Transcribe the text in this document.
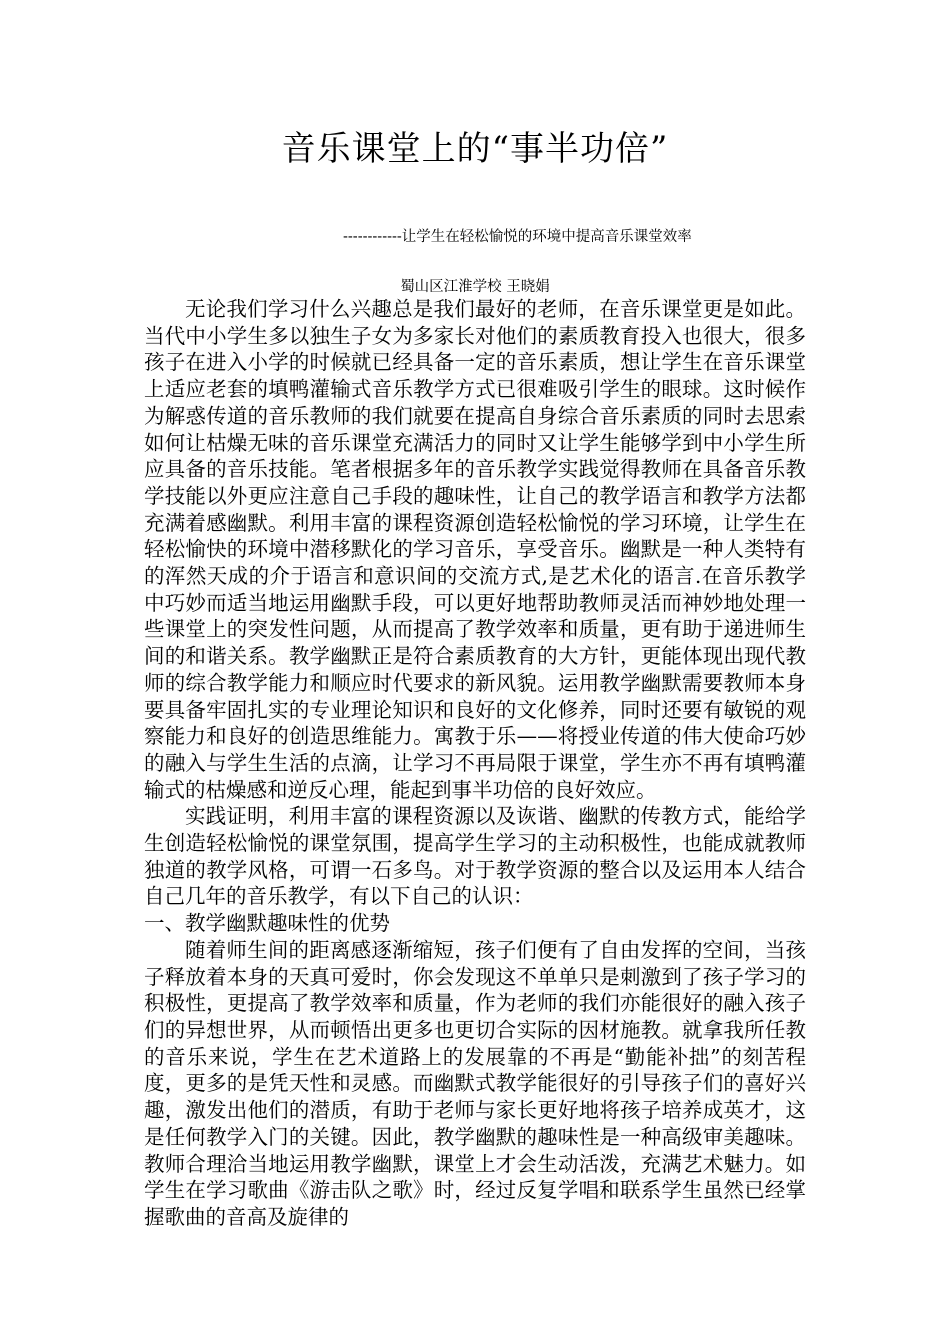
音乐课堂上的“事半功倍”
------------让学生在轻松愉悦的环境中提高音乐课堂效率
蜀山区江淮学校 王晓娟

无论我们学习什么兴趣总是我们最好的老师，在音乐课堂更是如此。当代中小学生多以独生子女为多家长对他们的素质教育投入也很大，很多孩子在进入小学的时候就已经具备一定的音乐素质，想让学生在音乐课堂上适应老套的填鸭灌输式音乐教学方式已很难吸引学生的眼球。这时候作为解惑传道的音乐教师的我们就要在提高自身综合音乐素质的同时去思索如何让枯燥无味的音乐课堂充满活力的同时又让学生能够学到中小学生所应具备的音乐技能。笔者根据多年的音乐教学实践觉得教师在具备音乐教学技能以外更应注意自己手段的趣味性，让自己的教学语言和教学方法都充满着感幽默。利用丰富的课程资源创造轻松愉悦的学习环境，让学生在轻松愉快的环境中潜移默化的学习音乐，享受音乐。幽默是一种人类特有的浑然天成的介于语言和意识间的交流方式,是艺术化的语言.在音乐教学中巧妙而适当地运用幽默手段，可以更好地帮助教师灵活而神妙地处理一些课堂上的突发性问题，从而提高了教学效率和质量，更有助于递进师生间的和谐关系。教学幽默正是符合素质教育的大方针，更能体现出现代教师的综合教学能力和顺应时代要求的新风貌。运用教学幽默需要教师本身要具备牢固扎实的专业理论知识和良好的文化修养，同时还要有敏锐的观察能力和良好的创造思维能力。寓教于乐——将授业传道的伟大使命巧妙的融入与学生生活的点滴，让学习不再局限于课堂，学生亦不再有填鸭灌输式的枯燥感和逆反心理，能起到事半功倍的良好效应。

实践证明，利用丰富的课程资源以及诙谐、幽默的传教方式，能给学生创造轻松愉悦的课堂氛围，提高学生学习的主动积极性，也能成就教师独道的教学风格，可谓一石多鸟。对于教学资源的整合以及运用本人结合自己几年的音乐教学，有以下自己的认识：

一、教学幽默趣味性的优势

随着师生间的距离感逐渐缩短，孩子们便有了自由发挥的空间，当孩子释放着本身的天真可爱时，你会发现这不单单只是刺激到了孩子学习的积极性，更提高了教学效率和质量，作为老师的我们亦能很好的融入孩子们的异想世界，从而顿悟出更多也更切合实际的因材施教。就拿我所任教的音乐来说，学生在艺术道路上的发展靠的不再是“勤能补拙”的刻苦程度，更多的是凭天性和灵感。而幽默式教学能很好的引导孩子们的喜好兴趣，激发出他们的潜质，有助于老师与家长更好地将孩子培养成英才，这是任何教学入门的关键。因此，教学幽默的趣味性是一种高级审美趣味。教师合理洽当地运用教学幽默，课堂上才会生动活泼，充满艺术魅力。如学生在学习歌曲《游击队之歌》时，经过反复学唱和联系学生虽然已经掌握歌曲的音高及旋律的
